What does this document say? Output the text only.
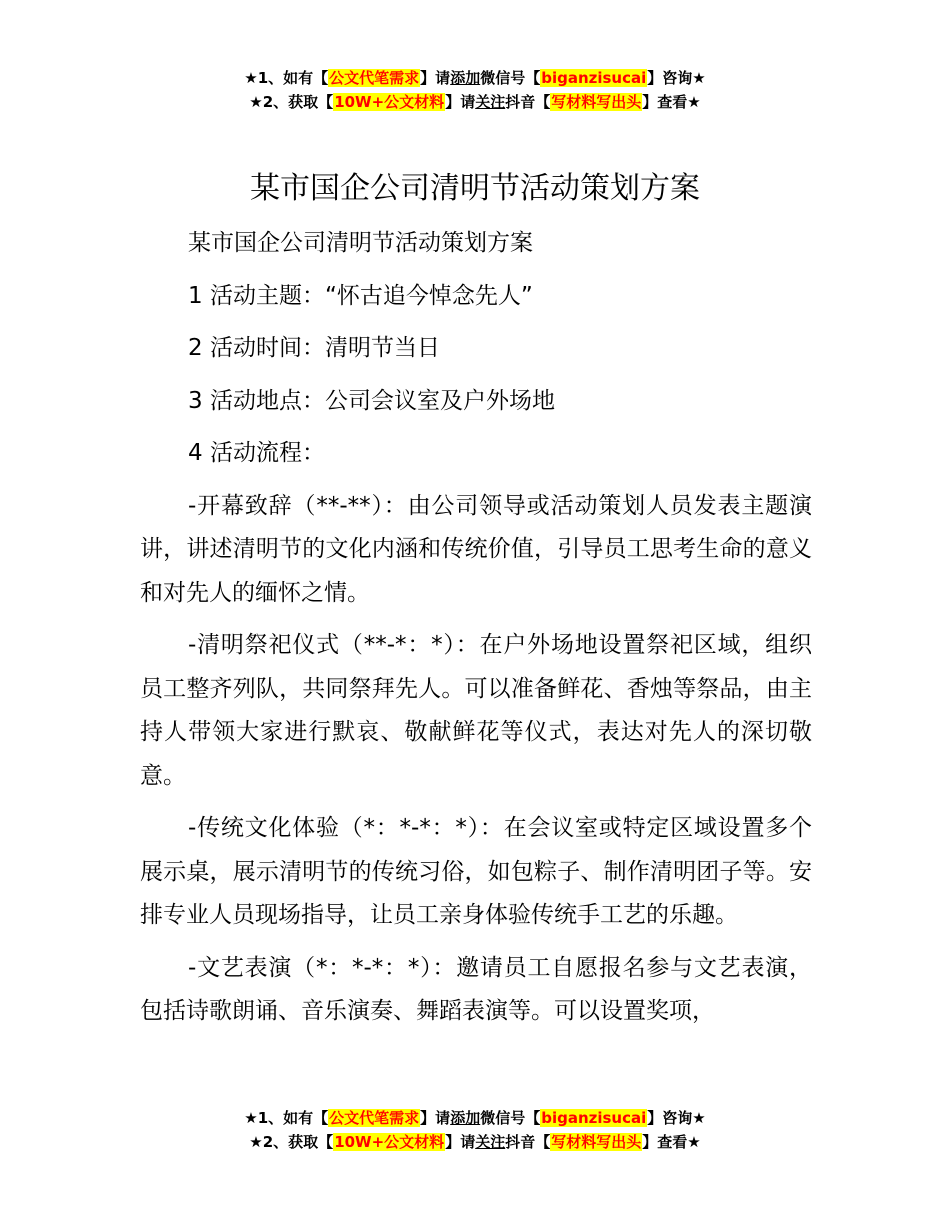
★1、如有【公文代笔需求】请添加微信号【biganzisucai】咨询★
★2、获取【10W+公文材料】请关注抖音【写材料写出头】查看★
某市国企公司清明节活动策划方案

某市国企公司清明节活动策划方案

1 活动主题：“怀古追今悼念先人”

2 活动时间：清明节当日

3 活动地点：公司会议室及户外场地

4 活动流程：

-开幕致辞（**-**）：由公司领导或活动策划人员发表主题演讲，讲述清明节的文化内涵和传统价值，引导员工思考生命的意义和对先人的缅怀之情。

-清明祭祀仪式（**-*：*）：在户外场地设置祭祀区域，组织员工整齐列队，共同祭拜先人。可以准备鲜花、香烛等祭品，由主持人带领大家进行默哀、敬献鲜花等仪式，表达对先人的深切敬意。

-传统文化体验（*：*-*：*）：在会议室或特定区域设置多个展示桌，展示清明节的传统习俗，如包粽子、制作清明团子等。安排专业人员现场指导，让员工亲身体验传统手工艺的乐趣。

-文艺表演（*：*-*：*）：邀请员工自愿报名参与文艺表演，包括诗歌朗诵、音乐演奏、舞蹈表演等。可以设置奖项，

★1、如有【公文代笔需求】请添加微信号【biganzisucai】咨询★
★2、获取【10W+公文材料】请关注抖音【写材料写出头】查看★
